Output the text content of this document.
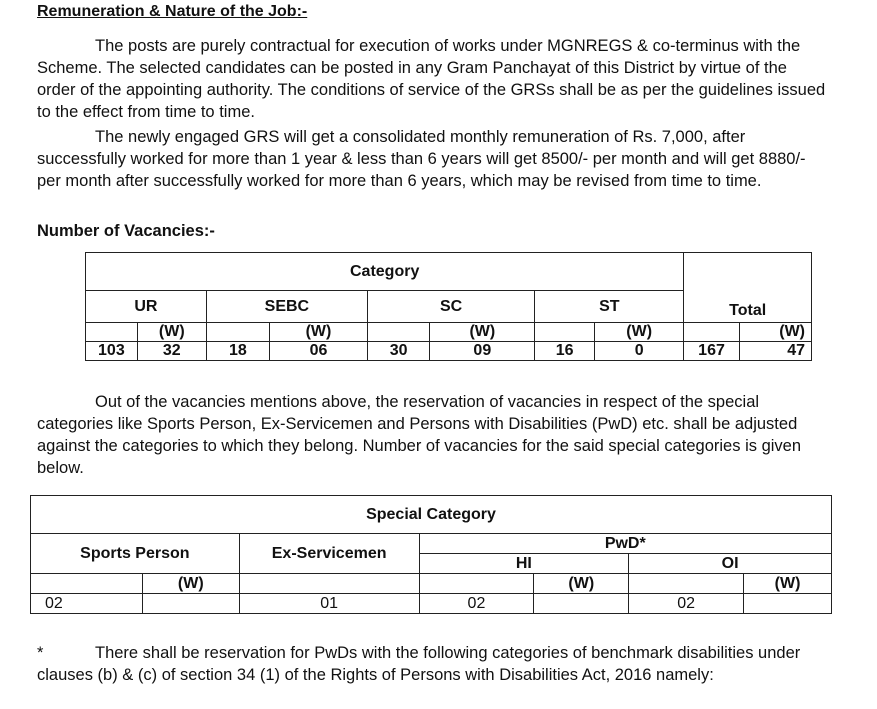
Remuneration & Nature of the Job:-

The posts are purely contractual for execution of works under MGNREGS & co-terminus with the Scheme. The selected candidates can be posted in any Gram Panchayat of this District by virtue of the order of the appointing authority. The conditions of service of the GRSs shall be as per the guidelines issued to the effect from time to time.

The newly engaged GRS will get a consolidated monthly remuneration of Rs. 7,000, after successfully worked for more than 1 year & less than 6 years will get 8500/- per month and will get 8880/- per month after successfully worked for more than 6 years, which may be revised from time to time.

Number of Vacancies:-
Category								Total	
UR		SEBC		SC		ST			
	(W)		(W)		(W)		(W)		(W)
103	32	18	06	30	09	16	0	167	47

Out of the vacancies mentions above, the reservation of vacancies in respect of the special categories like Sports Person, Ex-Servicemen and Persons with Disabilities (PwD) etc. shall be adjusted against the categories to which they belong. Number of vacancies for the said special categories is given below.

Special Category						
Sports Person		Ex-Servicemen	PwD*			
			HI		OI	
	(W)			(W)		(W)
02		01	02		02	

*	There shall be reservation for PwDs with the following categories of benchmark disabilities under clauses (b) & (c) of section 34 (1) of the Rights of Persons with Disabilities Act, 2016 namely:
